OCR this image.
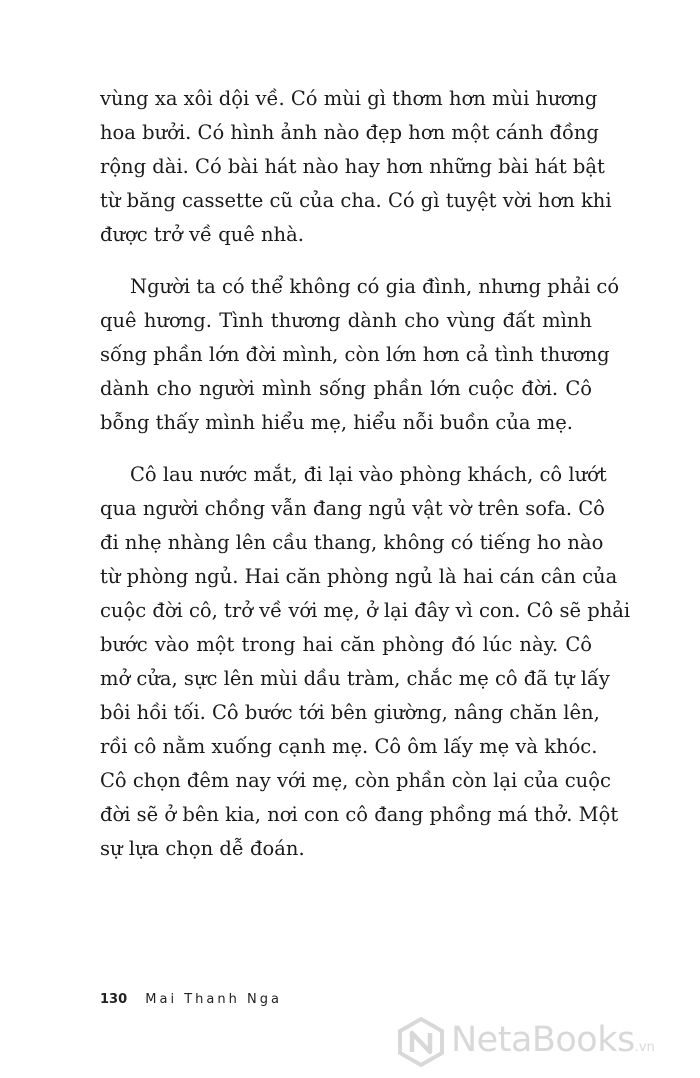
vùng xa xôi dội về. Có mùi gì thơm hơn mùi hương
hoa bưởi. Có hình ảnh nào đẹp hơn một cánh đồng
rộng dài. Có bài hát nào hay hơn những bài hát bật
từ băng cassette cũ của cha. Có gì tuyệt vời hơn khi
được trở về quê nhà.
Người ta có thể không có gia đình, nhưng phải có
quê hương. Tình thương dành cho vùng đất mình
sống phần lớn đời mình, còn lớn hơn cả tình thương
dành cho người mình sống phần lớn cuộc đời. Cô
bỗng thấy mình hiểu mẹ, hiểu nỗi buồn của mẹ.
Cô lau nước mắt, đi lại vào phòng khách, cô lướt
qua người chồng vẫn đang ngủ vật vờ trên sofa. Cô
đi nhẹ nhàng lên cầu thang, không có tiếng ho nào
từ phòng ngủ. Hai căn phòng ngủ là hai cán cân của
cuộc đời cô, trở về với mẹ, ở lại đây vì con. Cô sẽ phải
bước vào một trong hai căn phòng đó lúc này. Cô
mở cửa, sực lên mùi dầu tràm, chắc mẹ cô đã tự lấy
bôi hồi tối. Cô bước tới bên giường, nâng chăn lên,
rồi cô nằm xuống cạnh mẹ. Cô ôm lấy mẹ và khóc.
Cô chọn đêm nay với mẹ, còn phần còn lại của cuộc
đời sẽ ở bên kia, nơi con cô đang phồng má thở. Một
sự lựa chọn dễ đoán.
130 Mai Thanh Nga
NetaBooks.vn
